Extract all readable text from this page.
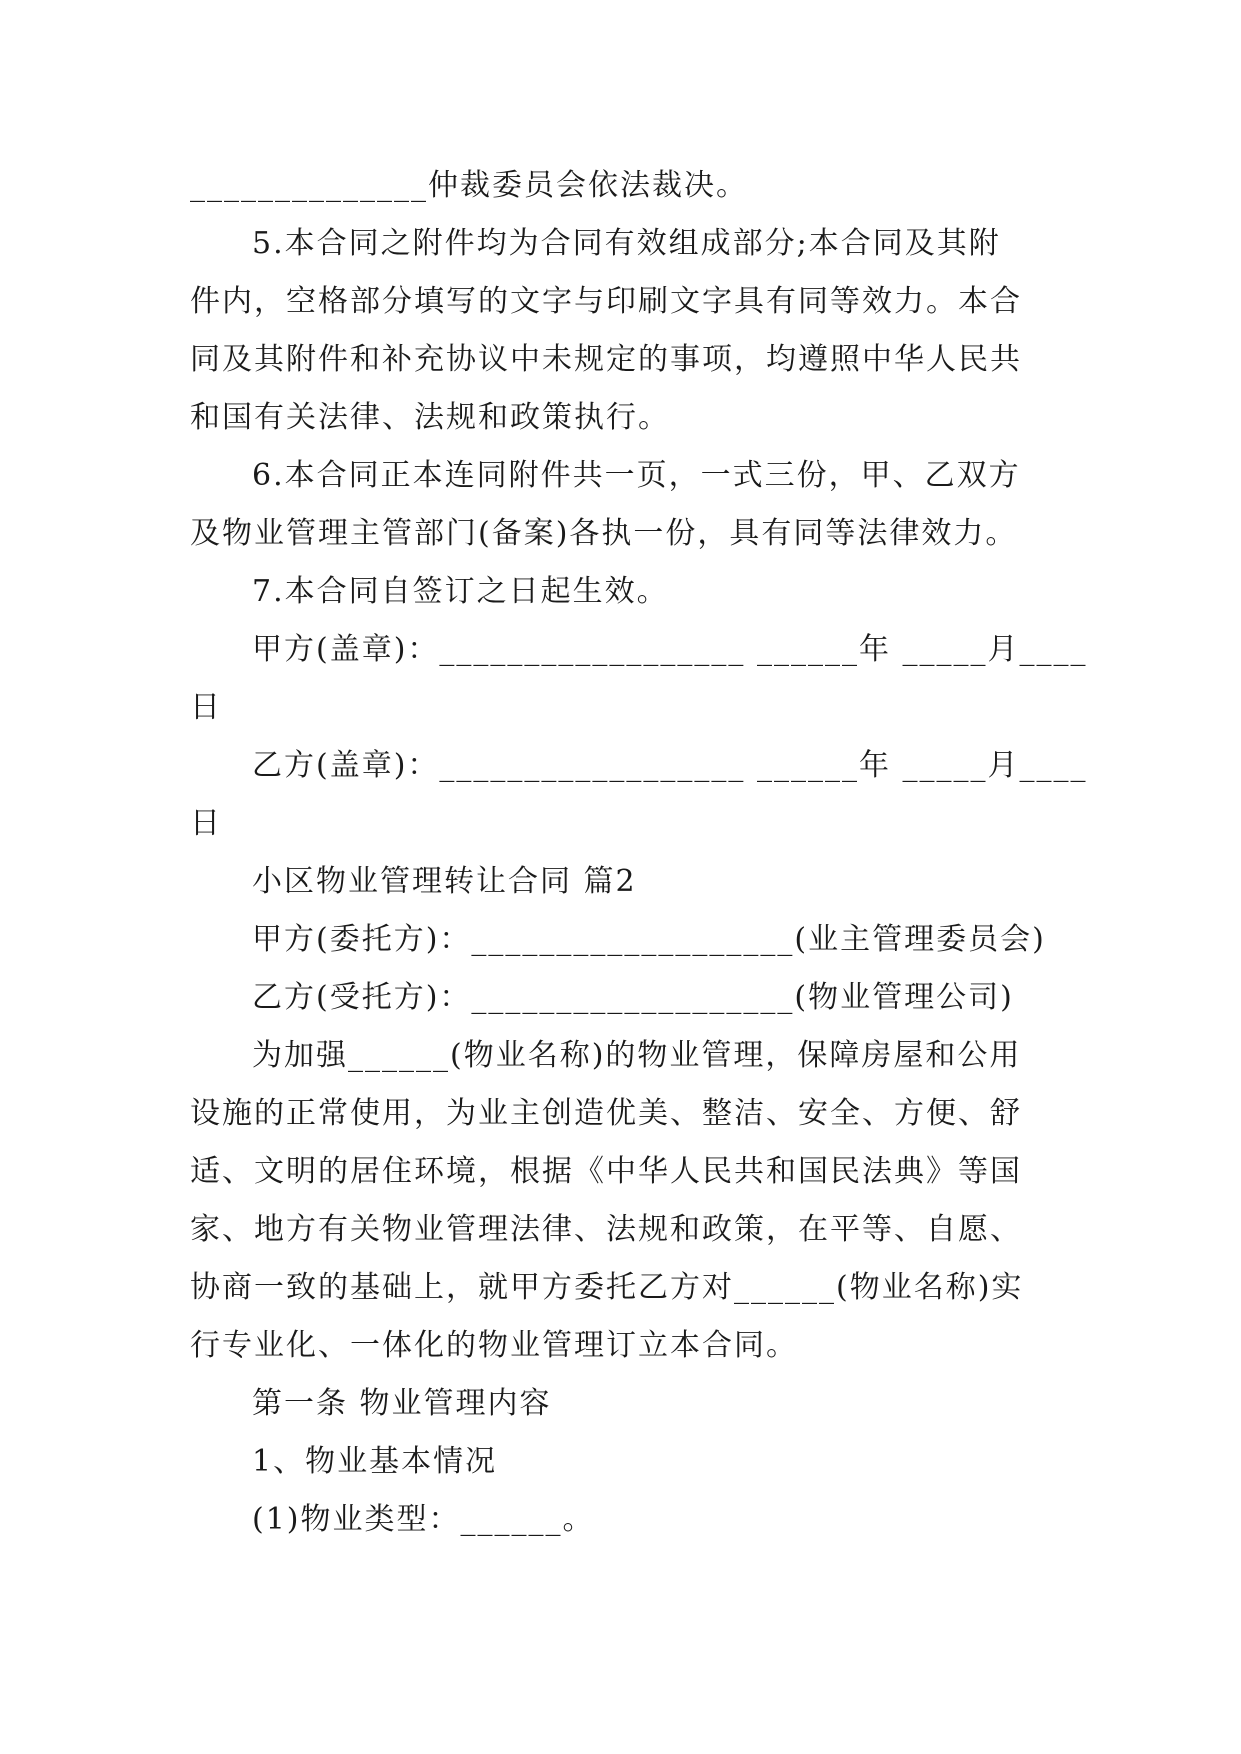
______________仲裁委员会依法裁决。
5.本合同之附件均为合同有效组成部分;本合同及其附
件内，空格部分填写的文字与印刷文字具有同等效力。本合
同及其附件和补充协议中未规定的事项，均遵照中华人民共
和国有关法律、法规和政策执行。
6.本合同正本连同附件共一页，一式三份，甲、乙双方
及物业管理主管部门(备案)各执一份，具有同等法律效力。
7.本合同自签订之日起生效。
甲方(盖章)：__________________ ______年 _____月____
日
乙方(盖章)：__________________ ______年 _____月____
日
小区物业管理转让合同 篇2
甲方(委托方)：___________________(业主管理委员会)
乙方(受托方)：___________________(物业管理公司)
为加强______(物业名称)的物业管理，保障房屋和公用
设施的正常使用，为业主创造优美、整洁、安全、方便、舒
适、文明的居住环境，根据《中华人民共和国民法典》等国
家、地方有关物业管理法律、法规和政策，在平等、自愿、
协商一致的基础上，就甲方委托乙方对______(物业名称)实
行专业化、一体化的物业管理订立本合同。
第一条 物业管理内容
1、物业基本情况
(1)物业类型：______。
